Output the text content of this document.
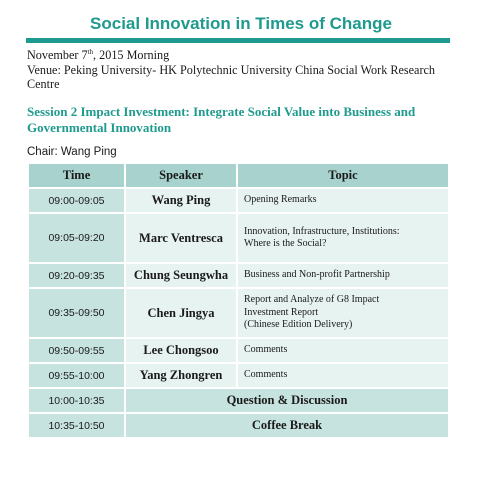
Social Innovation in Times of Change
November 7th, 2015 Morning
Venue: Peking University- HK Polytechnic University China Social Work Research Centre
Session 2 Impact Investment: Integrate Social Value into Business and Governmental Innovation
Chair: Wang Ping
Time	Speaker	Topic
09:00-09:05	Wang Ping	Opening Remarks

09:05-09:20	Marc Ventresca	Innovation, Infrastructure, Institutions:
Where is the Social?

09:20-09:35	Chung Seungwha	Business and Non-profit Partnership

09:35-09:50	Chen Jingya	Report and Analyze of G8 Impact
Investment Report
(Chinese Edition Delivery)

09:50-09:55	Lee Chongsoo	Comments

09:55-10:00	Yang Zhongren	Comments

10:00-10:35	Question & Discussion	
10:35-10:50	Coffee Break	
